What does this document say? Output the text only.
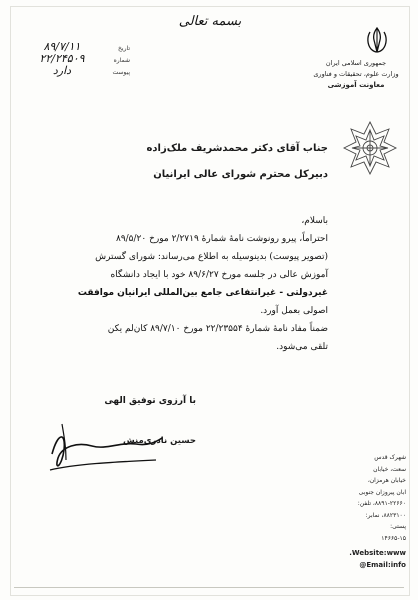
بسمه تعالی
جمهوری اسلامی ایران
وزارت علوم، تحقیقات و فناوری
معاونت آموزشی
تاریخ
۸۹/۷/۱۱
شماره
۲۲/۲۴۵۰۹
پیوست
دارد
جناب آقای دکتر محمدشریف ملک‌زاده
دبیرکل محترم شورای عالی ایرانیان

باسلام،

احتراماً، پیرو رونوشت نامهٔ شمارهٔ ۲/۲۷۱۹ مورخ ۸۹/۵/۲۰

(تصویر پیوست) بدینوسیله به اطلاع می‌رساند: شورای گسترش

آموزش عالی در جلسه مورخ ۸۹/۶/۲۷ خود با ایجاد دانشگاه

غیردولتی - غیرانتفاعی جامع بین‌المللی ایرانیان موافقت

اصولی بعمل آورد.

ضمناً مفاد نامهٔ شمارهٔ ۲۲/۲۳۵۵۴ مورخ ۸۹/۷/۱۰ کان‌لم یکن

تلقی می‌شود.

با آرزوی توفیق الهی
حسین نادری‌منش
شهرک قدس
سعت، خیابان
خیابان هرمزان،
ابان پیروزان جنوبی
۸۸۹۱-۲۲۶۶۰، تلفن:
۸۸۲۳۱۰۰، نمابر:
پستی:
۱۴۶۶۵-۱۵
Website:www.
Email:info@
